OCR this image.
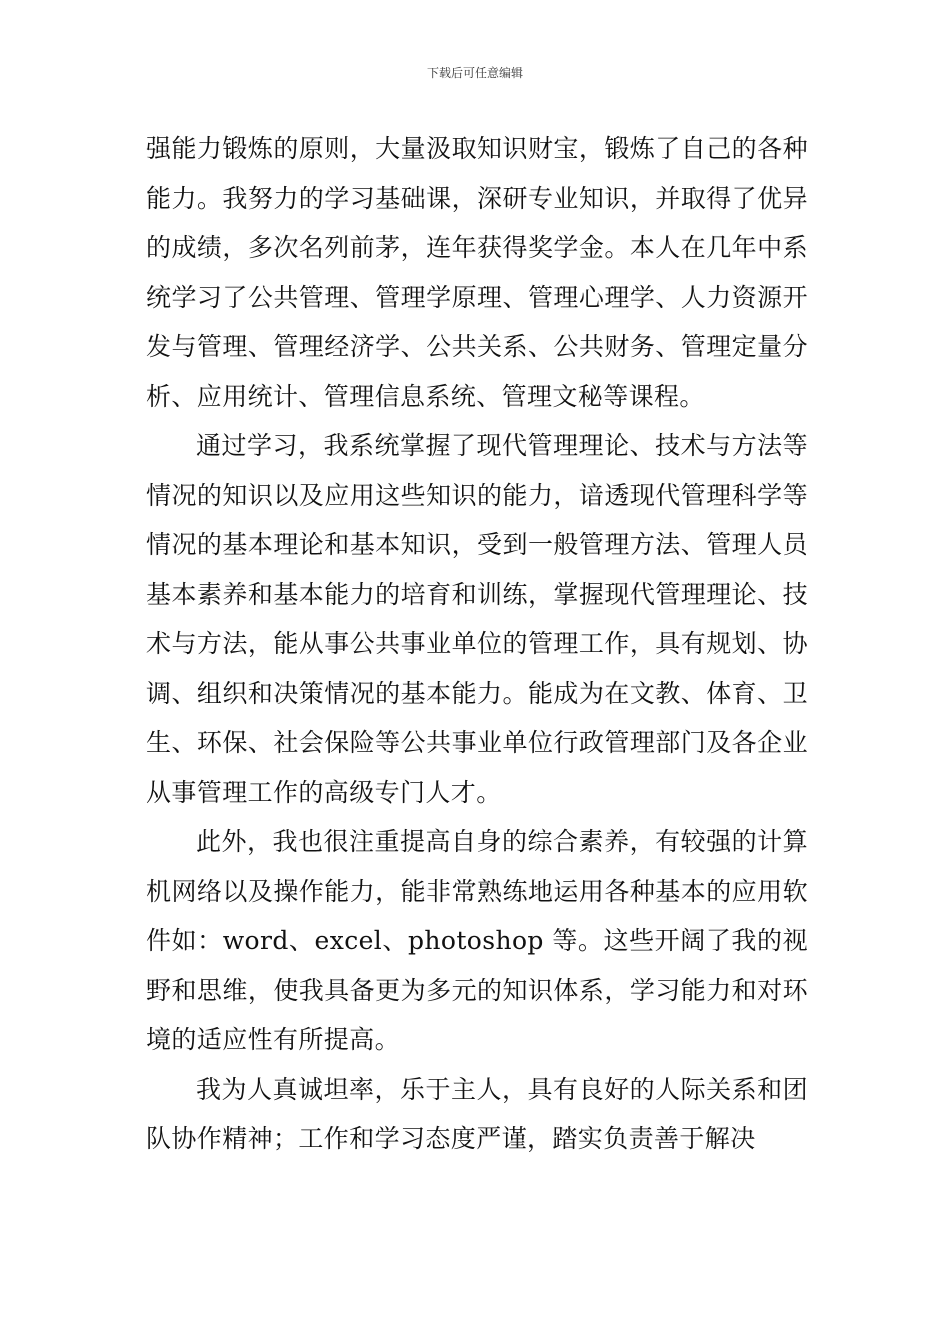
下载后可任意编辑

强能力锻炼的原则，大量汲取知识财宝，锻炼了自己的各种能力。我努力的学习基础课，深研专业知识，并取得了优异的成绩，多次名列前茅，连年获得奖学金。本人在几年中系统学习了公共管理、管理学原理、管理心理学、人力资源开发与管理、管理经济学、公共关系、公共财务、管理定量分析、应用统计、管理信息系统、管理文秘等课程。

通过学习，我系统掌握了现代管理理论、技术与方法等情况的知识以及应用这些知识的能力，谙透现代管理科学等情况的基本理论和基本知识，受到一般管理方法、管理人员基本素养和基本能力的培育和训练，掌握现代管理理论、技术与方法，能从事公共事业单位的管理工作，具有规划、协调、组织和决策情况的基本能力。能成为在文教、体育、卫生、环保、社会保险等公共事业单位行政管理部门及各企业从事管理工作的高级专门人才。

此外，我也很注重提高自身的综合素养，有较强的计算机网络以及操作能力，能非常熟练地运用各种基本的应用软件如：word、excel、photoshop 等。这些开阔了我的视野和思维，使我具备更为多元的知识体系，学习能力和对环境的适应性有所提高。

我为人真诚坦率，乐于主人，具有良好的人际关系和团队协作精神；工作和学习态度严谨，踏实负责善于解决
